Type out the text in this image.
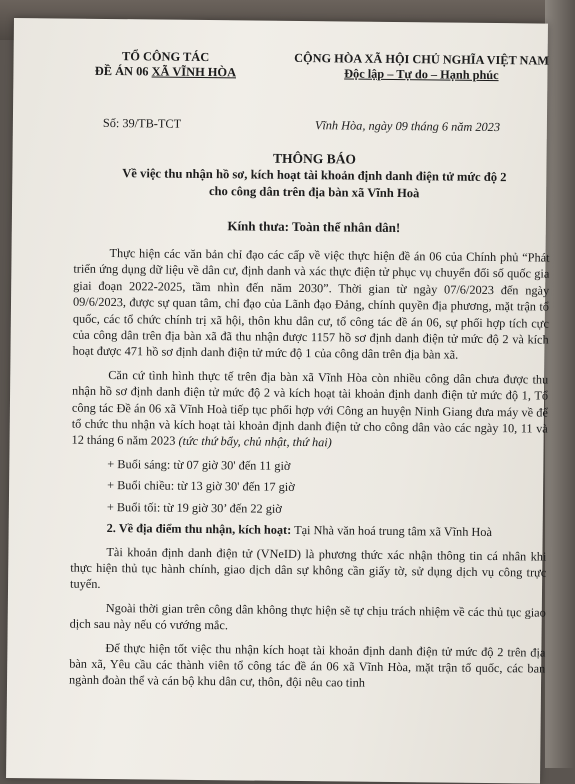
TỔ CÔNG TÁC
ĐỀ ÁN 06 XÃ VĨNH HÒA
CỘNG HÒA XÃ HỘI CHỦ NGHĨA VIỆT NAM
Độc lập – Tự do – Hạnh phúc
Số: 39/TB-TCT	Vĩnh Hòa, ngày 09 tháng 6 năm 2023
THÔNG BÁO
Về việc thu nhận hồ sơ, kích hoạt tài khoản định danh điện tử mức độ 2
cho công dân trên địa bàn xã Vĩnh Hoà
Kính thưa: Toàn thể nhân dân!

Thực hiện các văn bản chỉ đạo các cấp về việc thực hiện đề án 06 của Chính phủ “Phát triển ứng dụng dữ liệu về dân cư, định danh và xác thực điện tử phục vụ chuyển đổi số quốc gia giai đoạn 2022-2025, tầm nhìn đến năm 2030”. Thời gian từ ngày 07/6/2023 đến ngày 09/6/2023, được sự quan tâm, chỉ đạo của Lãnh đạo Đảng, chính quyền địa phương, mặt trận tổ quốc, các tổ chức chính trị xã hội, thôn khu dân cư, tổ công tác đề án 06, sự phối hợp tích cực của công dân trên địa bàn xã đã thu nhận được 1157 hồ sơ định danh điện tử mức độ 2 và kích hoạt được 471 hồ sơ định danh điện tử mức độ 1 của công dân trên địa bàn xã.

Căn cứ tình hình thực tế trên địa bàn xã Vĩnh Hòa còn nhiều công dân chưa được thu nhận hồ sơ định danh điện tử mức độ 2 và kích hoạt tài khoản định danh điện tử mức độ 1, Tổ công tác Đề án 06 xã Vĩnh Hoà tiếp tục phối hợp với Công an huyện Ninh Giang đưa máy về để tổ chức thu nhận và kích hoạt tài khoản định danh điện tử cho công dân vào các ngày 10, 11 và 12 tháng 6 năm 2023 (tức thứ bẩy, chủ nhật, thứ hai)

+ Buổi sáng: từ 07 giờ 30' đến 11 giờ
+ Buổi chiều: từ 13 giờ 30' đến 17 giờ
+ Buổi tối: từ 19 giờ 30’ đến 22 giờ

2. Về địa điểm thu nhận, kích hoạt: Tại Nhà văn hoá trung tâm xã Vĩnh Hoà

Tài khoản định danh điện tử (VNeID) là phương thức xác nhận thông tin cá nhân khi thực hiện thủ tục hành chính, giao dịch dân sự không cần giấy tờ, sử dụng dịch vụ công trực tuyến.

Ngoài thời gian trên công dân không thực hiện sẽ tự chịu trách nhiệm về các thủ tục giao dịch sau này nếu có vướng mắc.

Để thực hiện tốt việc thu nhận kích hoạt tài khoản định danh điện tử mức độ 2 trên địa bàn xã, Yêu cầu các thành viên tổ công tác đề án 06 xã Vĩnh Hòa, mặt trận tổ quốc, các ban ngành đoàn thể và cán bộ khu dân cư, thôn, đội nêu cao tinh
